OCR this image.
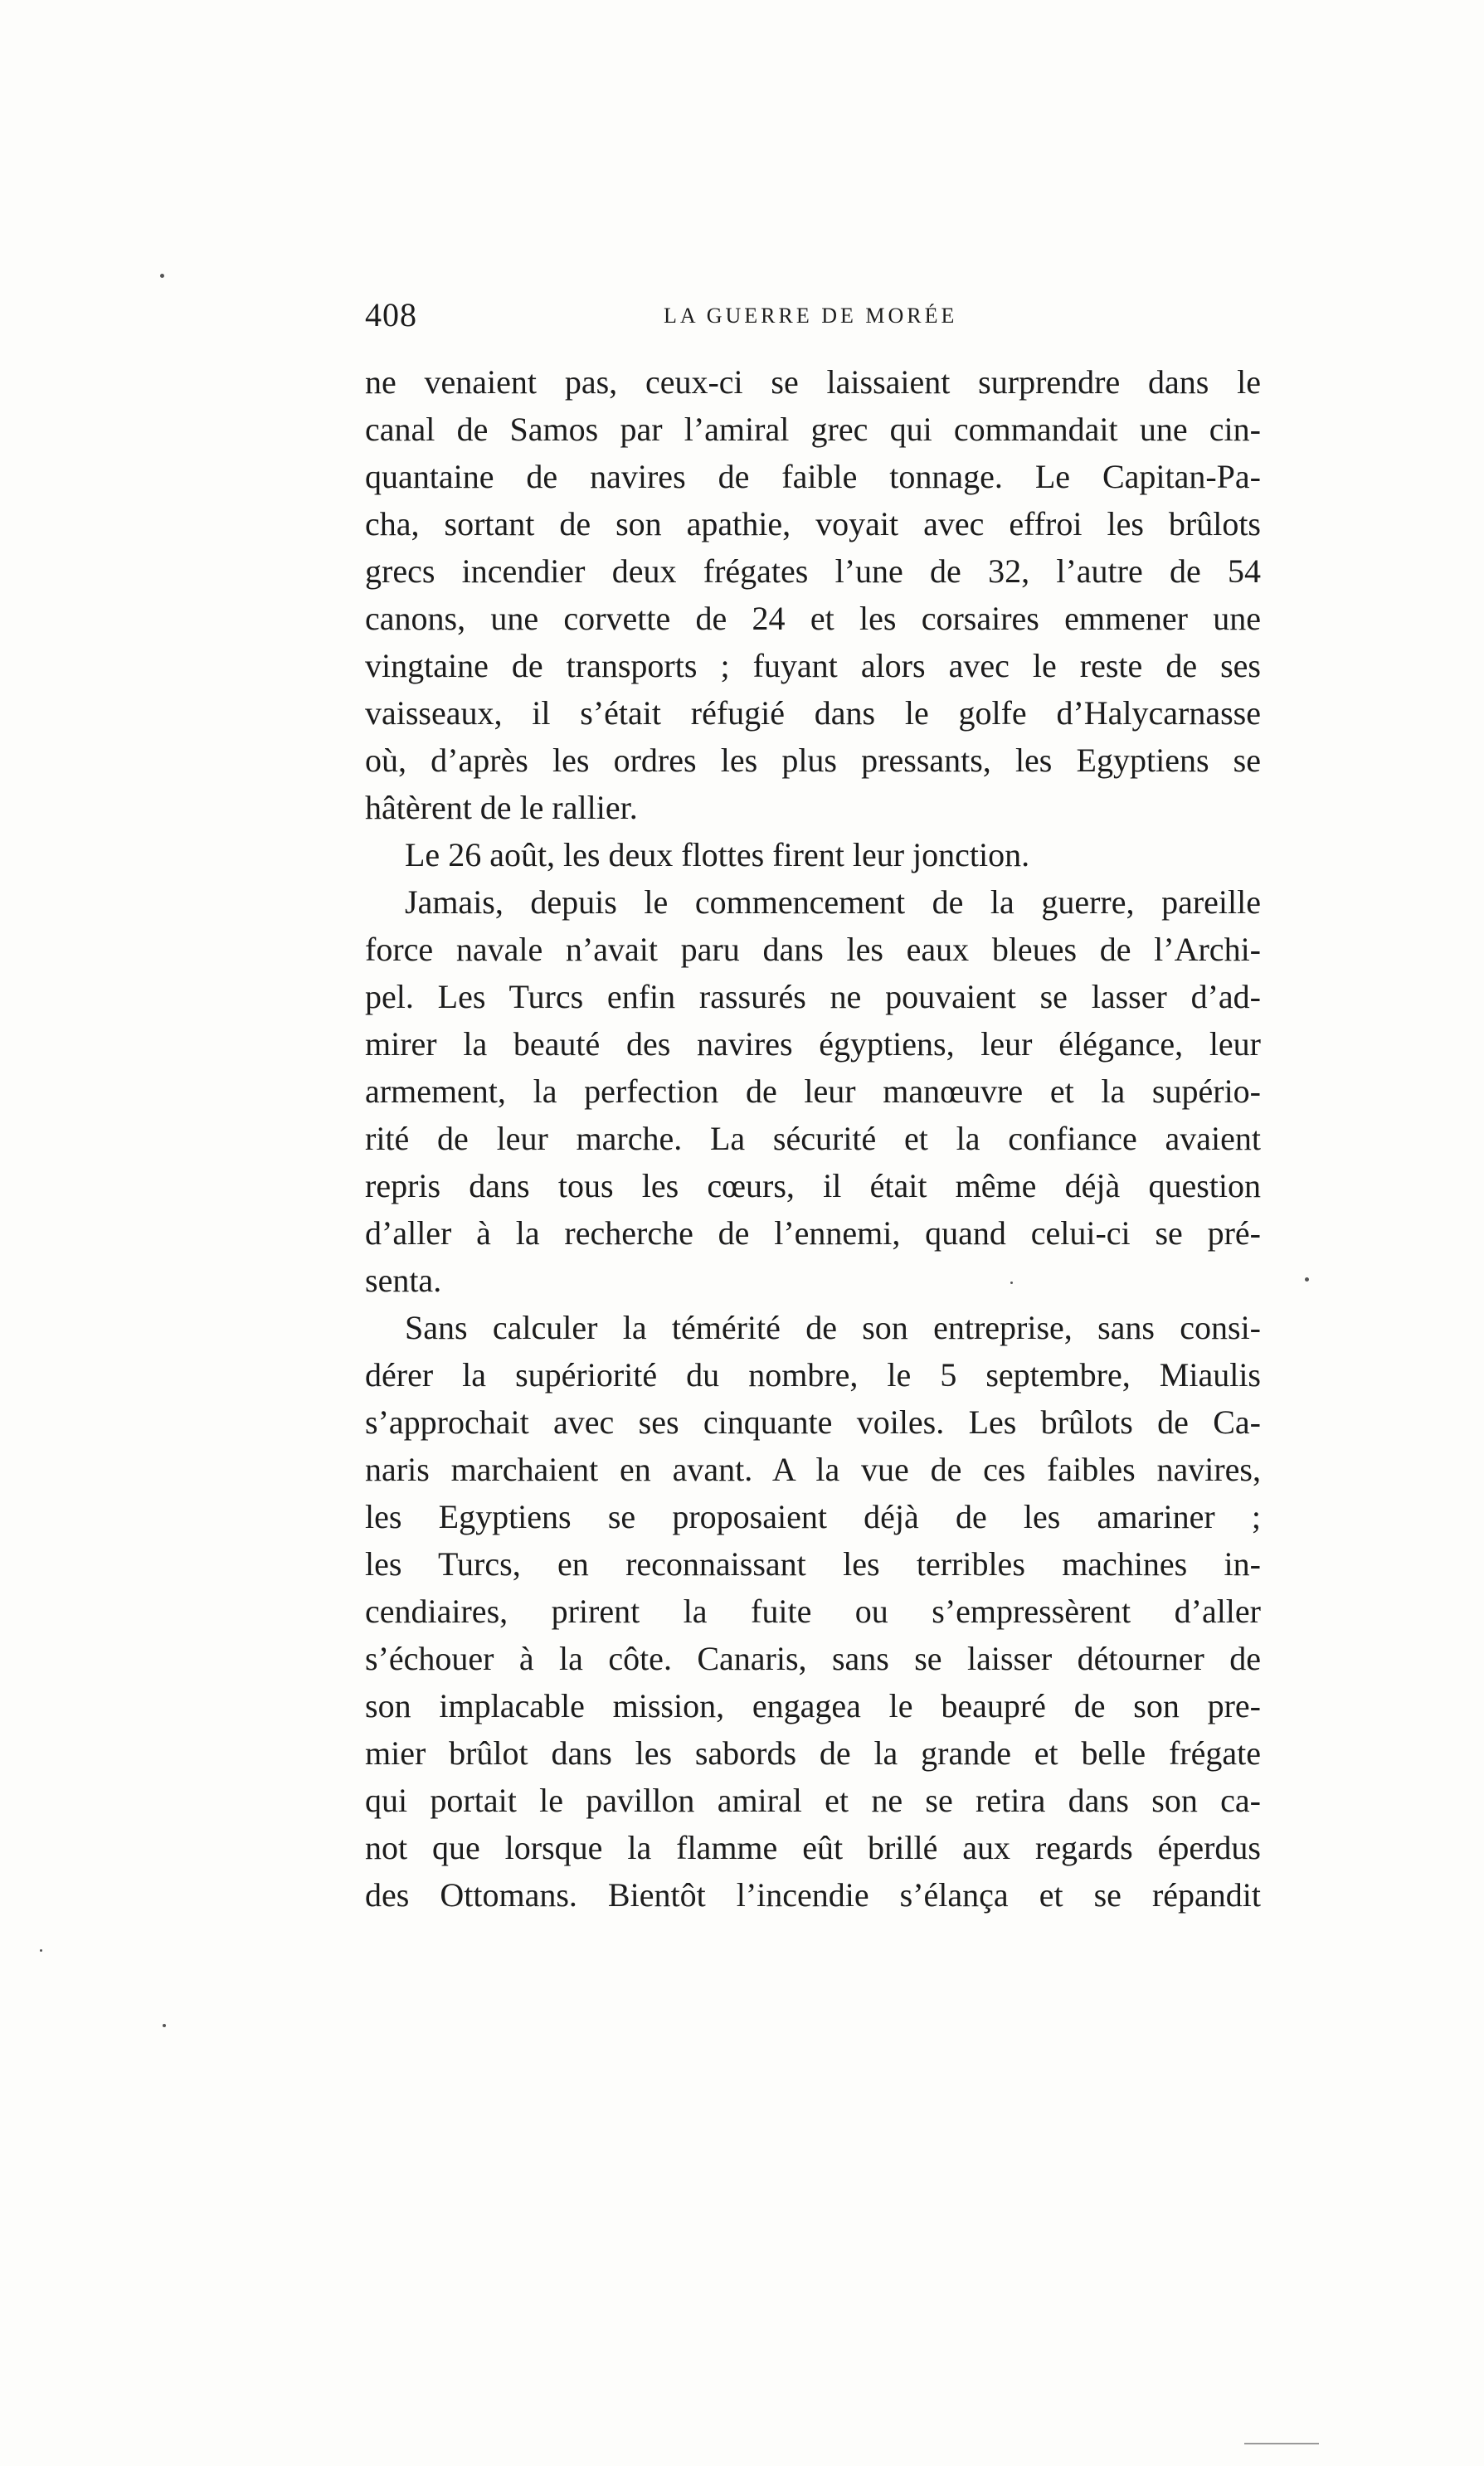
408	LA GUERRE DE MORÉE
ne venaient pas, ceux-ci se laissaient surprendre dans le
canal de Samos par l’amiral grec qui commandait une cin-
quantaine de navires de faible tonnage. Le Capitan-Pa-
cha, sortant de son apathie, voyait avec effroi les brûlots
grecs incendier deux frégates l’une de 32, l’autre de 54
canons, une corvette de 24 et les corsaires emmener une
vingtaine de transports ; fuyant alors avec le reste de ses
vaisseaux, il s’était réfugié dans le golfe d’Halycarnasse
où, d’après les ordres les plus pressants, les Egyptiens se
hâtèrent de le rallier.
Le 26 août, les deux flottes firent leur jonction.
Jamais, depuis le commencement de la guerre, pareille
force navale n’avait paru dans les eaux bleues de l’Archi-
pel. Les Turcs enfin rassurés ne pouvaient se lasser d’ad-
mirer la beauté des navires égyptiens, leur élégance, leur
armement, la perfection de leur manœuvre et la supério-
rité de leur marche. La sécurité et la confiance avaient
repris dans tous les cœurs, il était même déjà question
d’aller à la recherche de l’ennemi, quand celui-ci se pré-
senta.
Sans calculer la témérité de son entreprise, sans consi-
dérer la supériorité du nombre, le 5 septembre, Miaulis
s’approchait avec ses cinquante voiles. Les brûlots de Ca-
naris marchaient en avant. A la vue de ces faibles navires,
les Egyptiens se proposaient déjà de les amariner ;
les Turcs, en reconnaissant les terribles machines in-
cendiaires, prirent la fuite ou s’empressèrent d’aller
s’échouer à la côte. Canaris, sans se laisser détourner de
son implacable mission, engagea le beaupré de son pre-
mier brûlot dans les sabords de la grande et belle frégate
qui portait le pavillon amiral et ne se retira dans son ca-
not que lorsque la flamme eût brillé aux regards éperdus
des Ottomans. Bientôt l’incendie s’élança et se répandit
